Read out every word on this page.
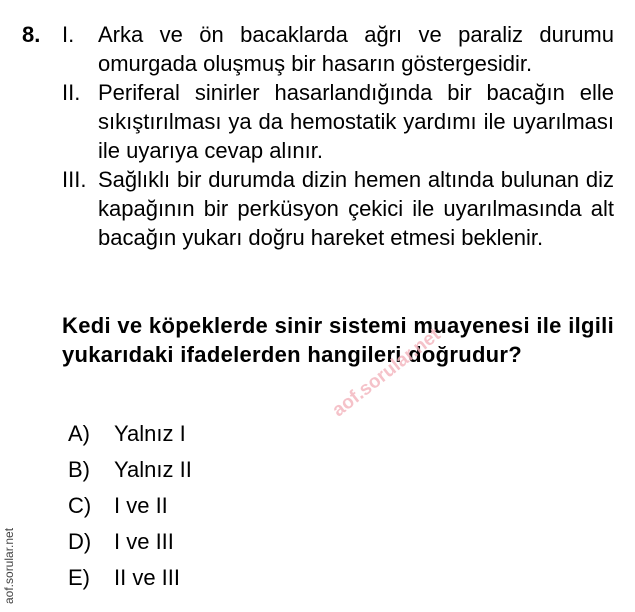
8. I. Arka ve ön bacaklarda ağrı ve paraliz durumu omurgada oluşmuş bir hasarın göstergesidir.
II. Periferal sinirler hasarlandığında bir bacağın elle sıkıştırılması ya da hemostatik yardımı ile uyarılması ile uyarıya cevap alınır.
III. Sağlıklı bir durumda dizin hemen altında bulunan diz kapağının bir perküsyon çekici ile uyarılmasında alt bacağın yukarı doğru hareket etmesi beklenir.
Kedi ve köpeklerde sinir sistemi muayenesi ile ilgili yukarıdaki ifadelerden hangileri doğrudur?
A) Yalnız I
B) Yalnız II
C) I ve II
D) I ve III
E) II ve III
aof.sorular.net
aof.sorular.net
